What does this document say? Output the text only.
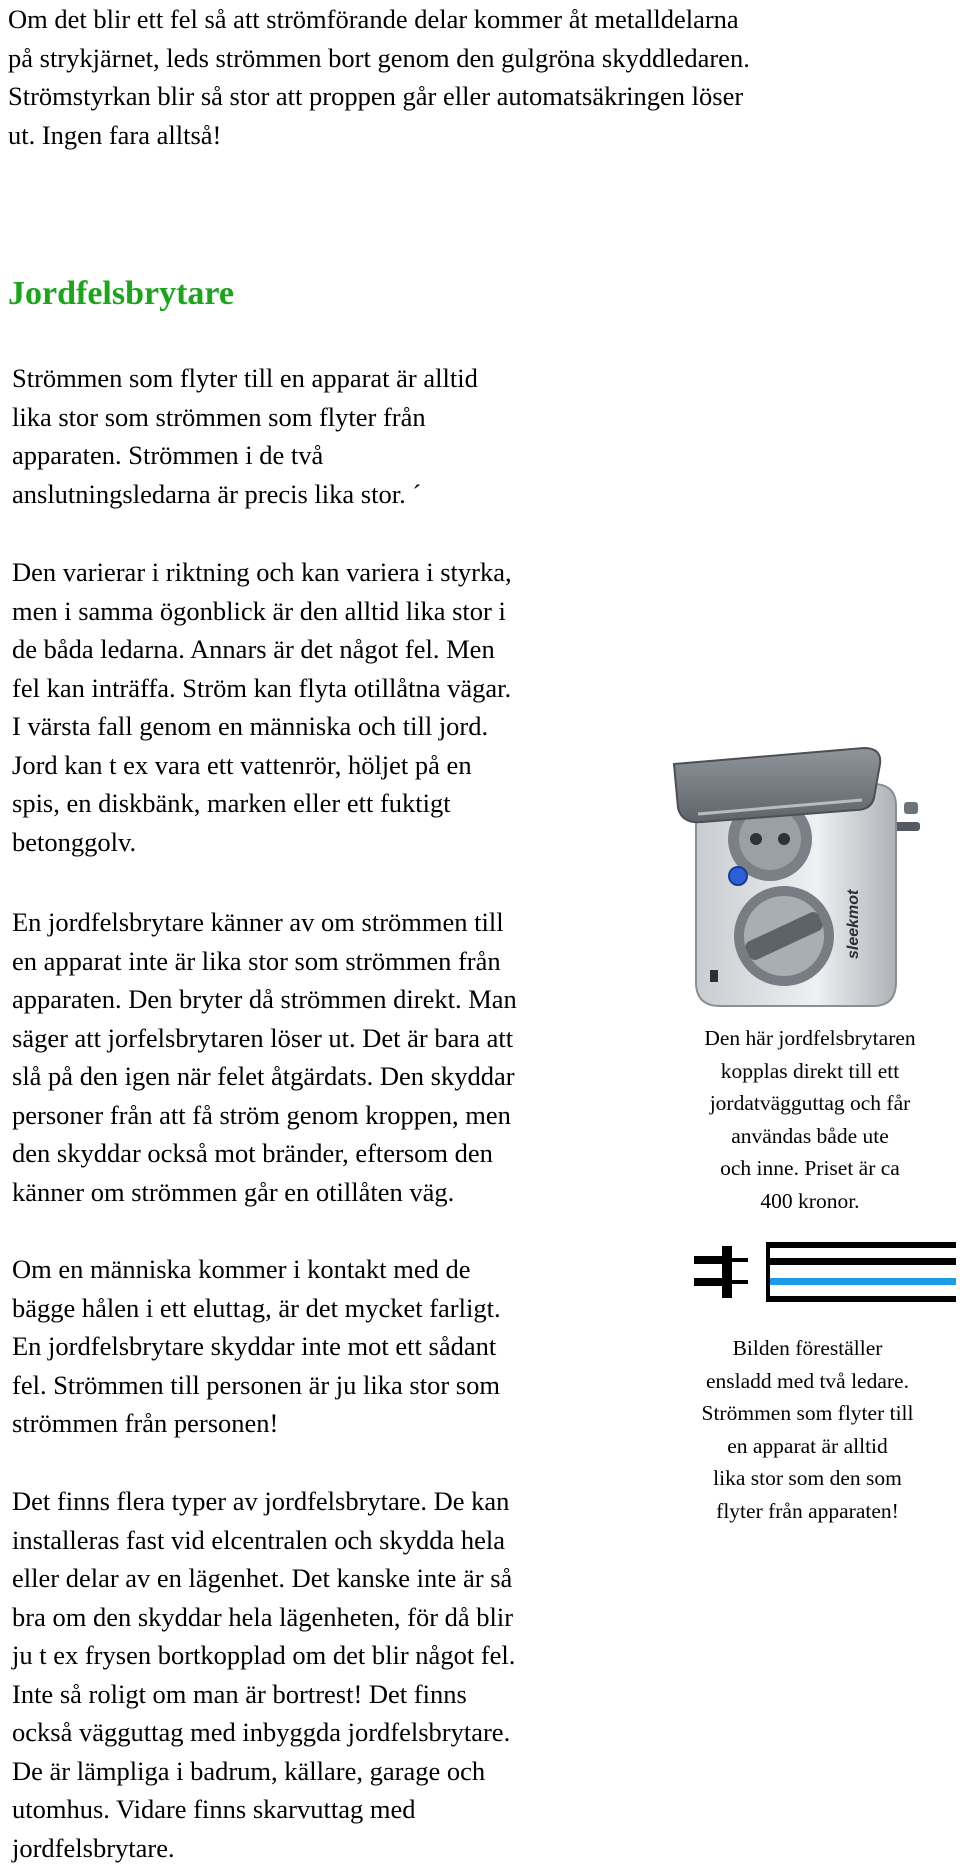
Om det blir ett fel så att strömförande delar kommer åt metalldelarna
på strykjärnet, leds strömmen bort genom den gulgröna skyddledaren.
Strömstyrkan blir så stor att proppen går eller automatsäkringen löser
ut. Ingen fara alltså!

Jordfelsbrytare

Strömmen som flyter till en apparat är alltid
lika stor som strömmen som flyter från
apparaten. Strömmen i de två
anslutningsledarna är precis lika stor. ´

Den varierar i riktning och kan variera i styrka,
men i samma ögonblick är den alltid lika stor i
de båda ledarna. Annars är det något fel. Men
fel kan inträffa. Ström kan flyta otillåtna vägar.
I värsta fall genom en människa och till jord.
Jord kan t ex vara ett vattenrör, höljet på en
spis, en diskbänk, marken eller ett fuktigt
betonggolv.

En jordfelsbrytare känner av om strömmen till
en apparat inte är lika stor som strömmen från
apparaten. Den bryter då strömmen direkt. Man
säger att jorfelsbrytaren löser ut. Det är bara att
slå på den igen när felet åtgärdats. Den skyddar
personer från att få ström genom kroppen, men
den skyddar också mot bränder, eftersom den
känner om strömmen går en otillåten väg.

Om en människa kommer i kontakt med de
bägge hålen i ett eluttag, är det mycket farligt.
En jordfelsbrytare skyddar inte mot ett sådant
fel. Strömmen till personen är ju lika stor som
strömmen från personen!

Det finns flera typer av jordfelsbrytare. De kan
installeras fast vid elcentralen och skydda hela
eller delar av en lägenhet. Det kanske inte är så
bra om den skyddar hela lägenheten, för då blir
ju t ex frysen bortkopplad om det blir något fel.
Inte så roligt om man är bortrest! Det finns
också vägguttag med inbyggda jordfelsbrytare.
De är lämpliga i badrum, källare, garage och
utomhus. Vidare finns skarvuttag med
jordfelsbrytare.

sleekmot

Den här jordfelsbrytaren
kopplas direkt till ett
jordatvägguttag och får
användas både ute
och inne. Priset är ca
400 kronor.

Bilden föreställer
ensladd med två ledare.
Strömmen som flyter till
en apparat är alltid
lika stor som den som
flyter från apparaten!
